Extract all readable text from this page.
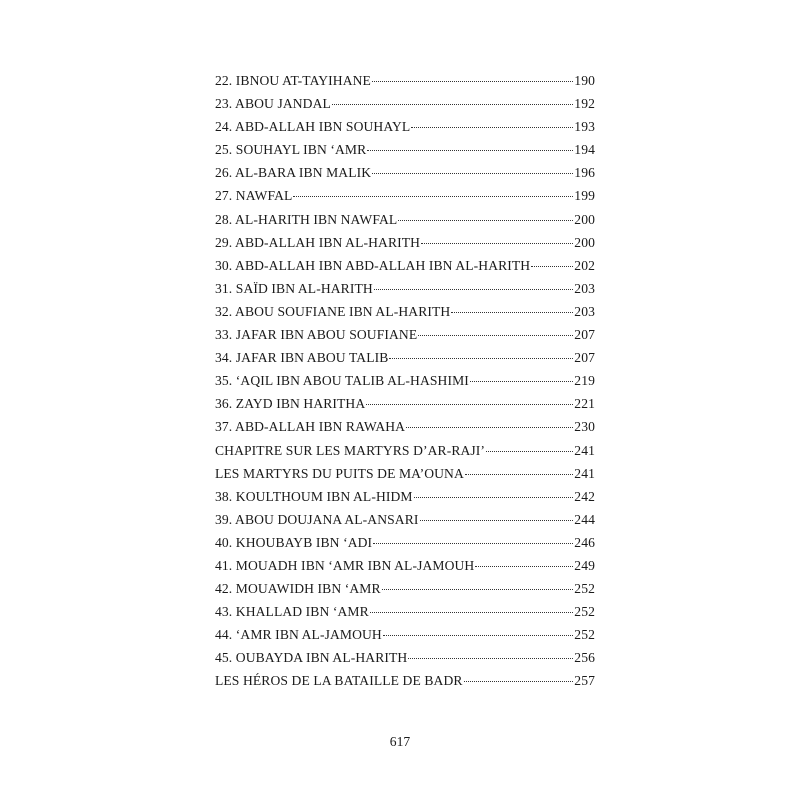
22. IBNOU AT-TAYIHANE	190
23. ABOU JANDAL	192
24. ABD-ALLAH IBN SOUHAYL	193
25. SOUHAYL IBN ‘AMR	194
26. AL-BARA IBN MALIK	196
27. NAWFAL	199
28. AL-HARITH IBN NAWFAL	200
29. ABD-ALLAH IBN AL-HARITH	200
30. ABD-ALLAH IBN ABD-ALLAH IBN AL-HARITH	202
31. SAÏD IBN AL-HARITH	203
32. ABOU SOUFIANE IBN AL-HARITH	203
33. JAFAR IBN ABOU SOUFIANE	207
34. JAFAR IBN ABOU TALIB	207
35. ‘AQIL IBN ABOU TALIB AL-HASHIMI	219
36. ZAYD IBN HARITHA	221
37. ABD-ALLAH IBN RAWAHA	230
CHAPITRE SUR LES MARTYRS D’AR-RAJI’	241
LES MARTYRS DU PUITS DE MA’OUNA	241
38. KOULTHOUM IBN AL-HIDM	242
39. ABOU DOUJANA AL-ANSARI	244
40. KHOUBAYB IBN ‘ADI	246
41. MOUADH IBN ‘AMR IBN AL-JAMOUH	249
42. MOUAWIDH IBN ‘AMR	252
43. KHALLAD IBN ‘AMR	252
44. ‘AMR IBN AL-JAMOUH	252
45. OUBAYDA IBN AL-HARITH	256
LES HÉROS DE LA BATAILLE DE BADR	257
617
